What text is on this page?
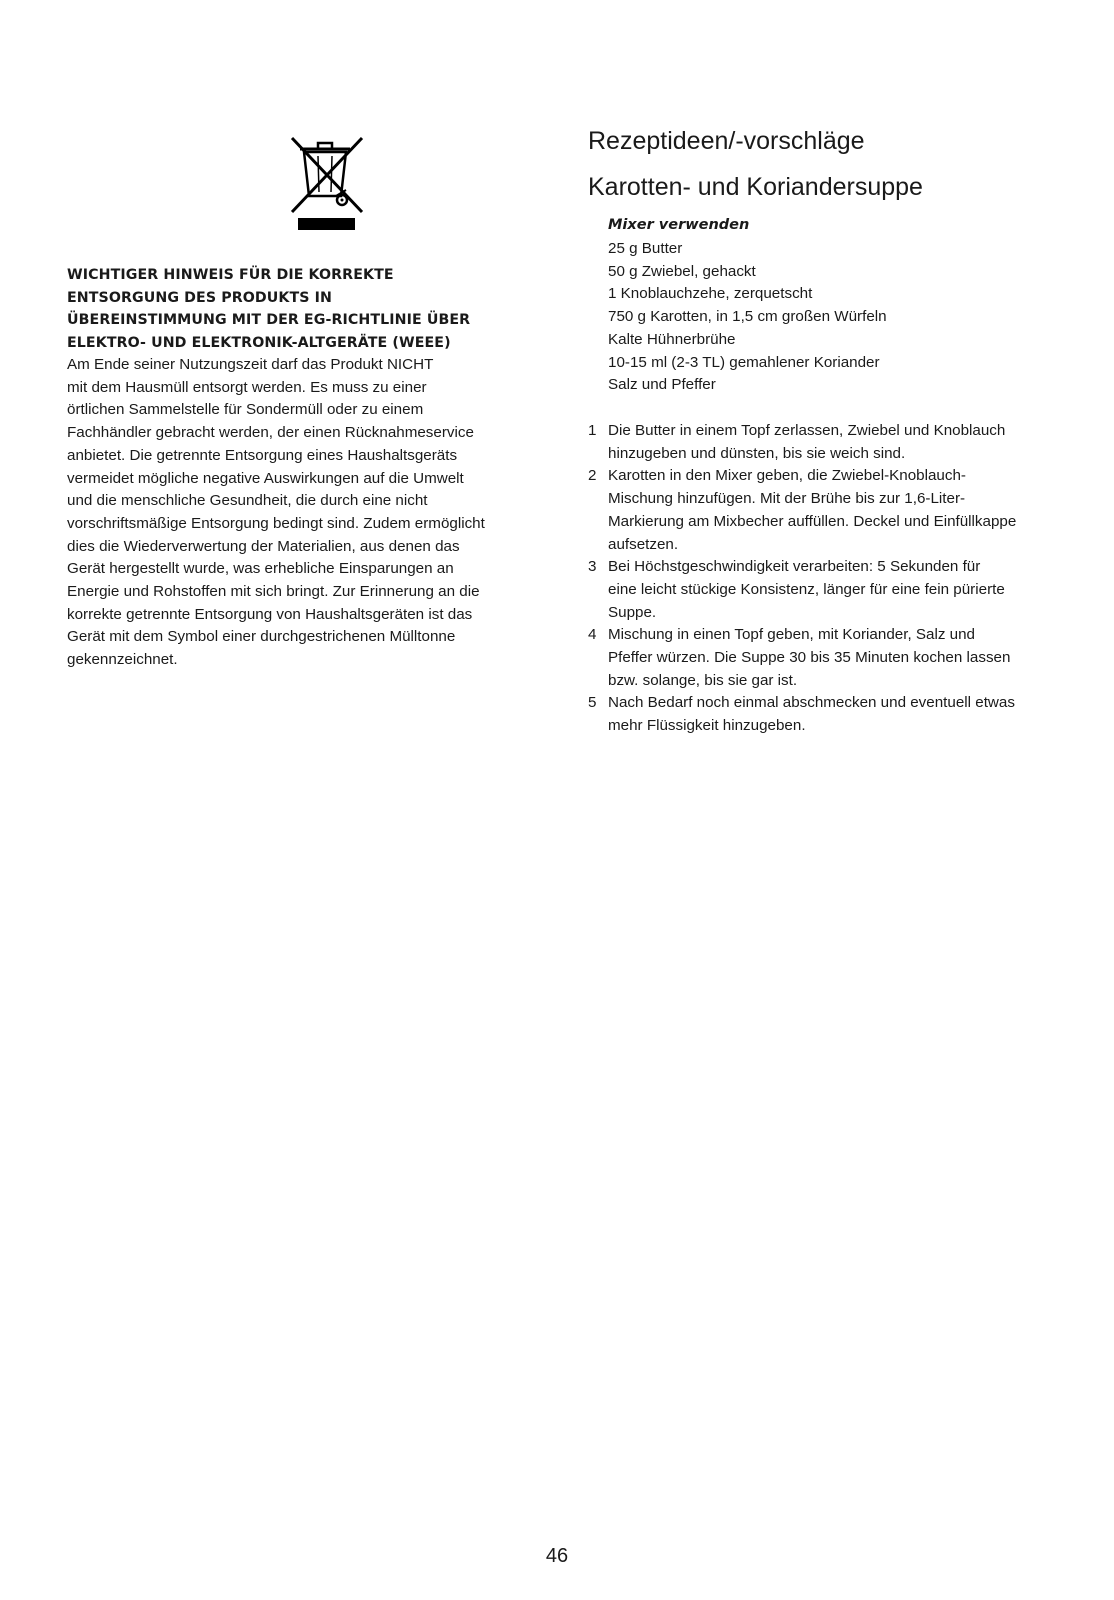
WICHTIGER HINWEIS FÜR DIE KORREKTE
ENTSORGUNG DES PRODUKTS IN
ÜBEREINSTIMMUNG MIT DER EG-RICHTLINIE ÜBER
ELEKTRO- UND ELEKTRONIK-ALTGERÄTE (WEEE)

Am Ende seiner Nutzungszeit darf das Produkt NICHT
mit dem Hausmüll entsorgt werden. Es muss zu einer
örtlichen Sammelstelle für Sondermüll oder zu einem
Fachhändler gebracht werden, der einen Rücknahmeservice
anbietet. Die getrennte Entsorgung eines Haushaltsgeräts
vermeidet mögliche negative Auswirkungen auf die Umwelt
und die menschliche Gesundheit, die durch eine nicht
vorschriftsmäßige Entsorgung bedingt sind. Zudem ermöglicht
dies die Wiederverwertung der Materialien, aus denen das
Gerät hergestellt wurde, was erhebliche Einsparungen an
Energie und Rohstoffen mit sich bringt. Zur Erinnerung an die
korrekte getrennte Entsorgung von Haushaltsgeräten ist das
Gerät mit dem Symbol einer durchgestrichenen Mülltonne
gekennzeichnet.

Rezeptideen/-vorschläge
Karotten- und Koriandersuppe
Mixer verwenden
25 g Butter
50 g Zwiebel, gehackt
1 Knoblauchzehe, zerquetscht
750 g Karotten, in 1,5 cm großen Würfeln
Kalte Hühnerbrühe
10-15 ml (2-3 TL) gemahlener Koriander
Salz und Pfeffer
1 Die Butter in einem Topf zerlassen, Zwiebel und Knoblauch
hinzugeben und dünsten, bis sie weich sind.
2 Karotten in den Mixer geben, die Zwiebel-Knoblauch-
Mischung hinzufügen. Mit der Brühe bis zur 1,6-Liter-
Markierung am Mixbecher auffüllen. Deckel und Einfüllkappe
aufsetzen.
3 Bei Höchstgeschwindigkeit verarbeiten: 5 Sekunden für
eine leicht stückige Konsistenz, länger für eine fein pürierte
Suppe.
4 Mischung in einen Topf geben, mit Koriander, Salz und
Pfeffer würzen. Die Suppe 30 bis 35 Minuten kochen lassen
bzw. solange, bis sie gar ist.
5 Nach Bedarf noch einmal abschmecken und eventuell etwas
mehr Flüssigkeit hinzugeben.
46
